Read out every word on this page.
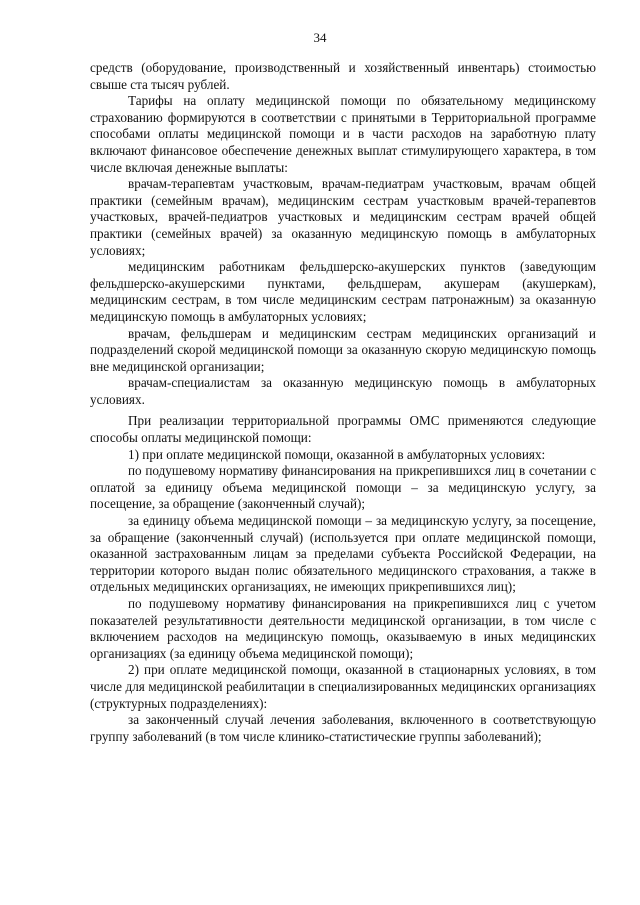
34

средств (оборудование, производственный и хозяйственный инвентарь) стоимостью свыше ста тысяч рублей.

Тарифы на оплату медицинской помощи по обязательному медицинскому страхованию формируются в соответствии с принятыми в Территориальной программе способами оплаты медицинской помощи и в части расходов на заработную плату включают финансовое обеспечение денежных выплат стимулирующего характера, в том числе включая денежные выплаты:

врачам-терапевтам участковым, врачам-педиатрам участковым, врачам общей практики (семейным врачам), медицинским сестрам участковым врачей-терапевтов участковых, врачей-педиатров участковых и медицинским сестрам врачей общей практики (семейных врачей) за оказанную медицинскую помощь в амбулаторных условиях;

медицинским работникам фельдшерско-акушерских пунктов (заведующим фельдшерско-акушерскими пунктами, фельдшерам, акушерам (акушеркам), медицинским сестрам, в том числе медицинским сестрам патронажным) за оказанную медицинскую помощь в амбулаторных условиях;

врачам, фельдшерам и медицинским сестрам медицинских организаций и подразделений скорой медицинской помощи за оказанную скорую медицинскую помощь вне медицинской организации;

врачам-специалистам за оказанную медицинскую помощь в амбулаторных условиях.

При реализации территориальной программы ОМС применяются следующие способы оплаты медицинской помощи:

1) при оплате медицинской помощи, оказанной в амбулаторных условиях:

по подушевому нормативу финансирования на прикрепившихся лиц в сочетании с оплатой за единицу объема медицинской помощи – за медицинскую услугу, за посещение, за обращение (законченный случай);

за единицу объема медицинской помощи – за медицинскую услугу, за посещение, за обращение (законченный случай) (используется при оплате медицинской помощи, оказанной застрахованным лицам за пределами субъекта Российской Федерации, на территории которого выдан полис обязательного медицинского страхования, а также в отдельных медицинских организациях, не имеющих прикрепившихся лиц);

по подушевому нормативу финансирования на прикрепившихся лиц с учетом показателей результативности деятельности медицинской организации, в том числе с включением расходов на медицинскую помощь, оказываемую в иных медицинских организациях (за единицу объема медицинской помощи);

2) при оплате медицинской помощи, оказанной в стационарных условиях, в том числе для медицинской реабилитации в специализированных медицинских организациях (структурных подразделениях):

за законченный случай лечения заболевания, включенного в соответствующую группу заболеваний (в том числе клинико-статистические группы заболеваний);
